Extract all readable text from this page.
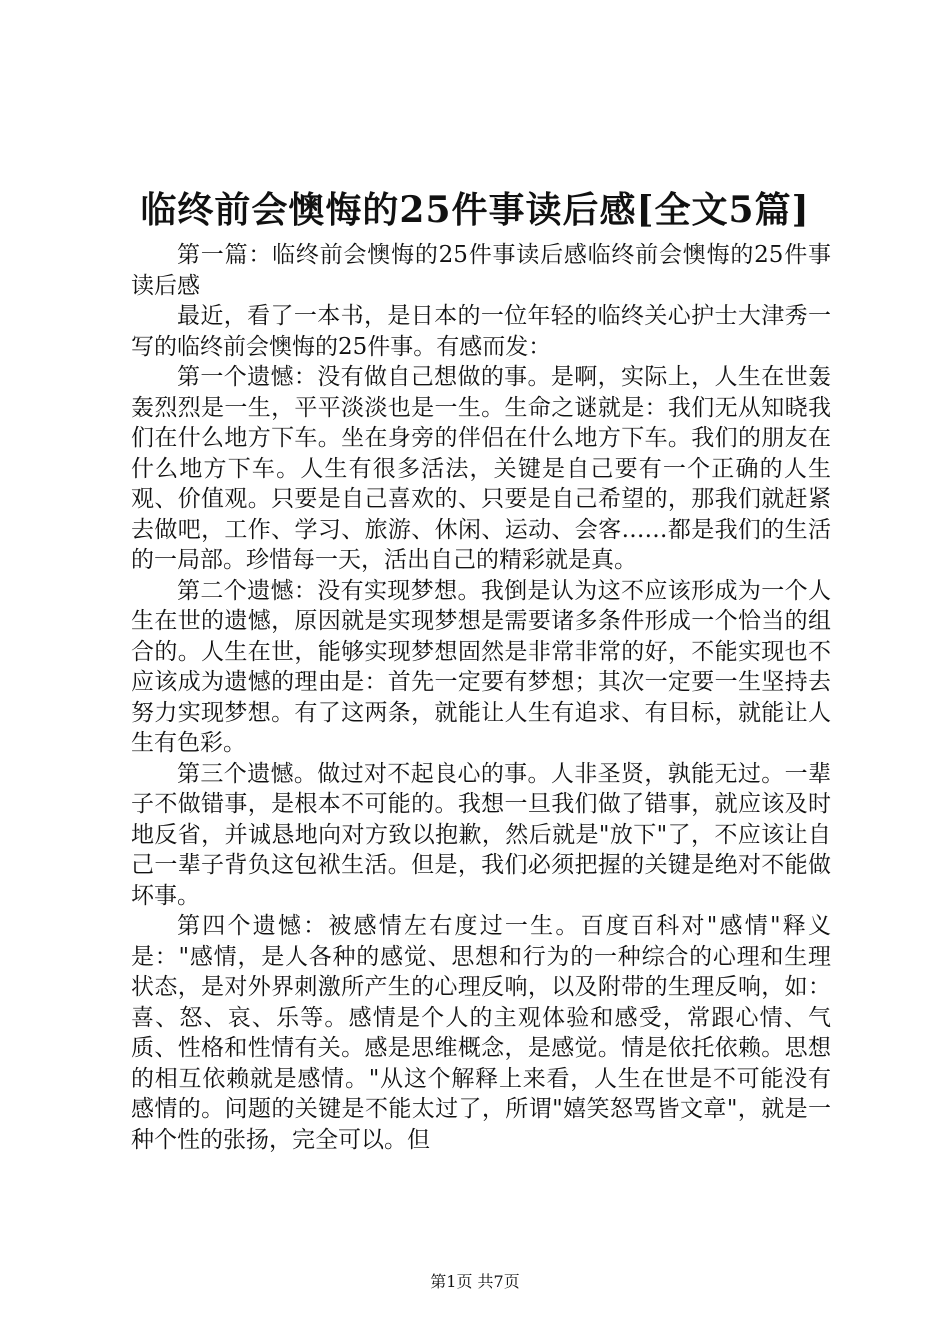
临终前会懊悔的25件事读后感[全文5篇]

第一篇：临终前会懊悔的25件事读后感临终前会懊悔的25件事读后感

最近，看了一本书，是日本的一位年轻的临终关心护士大津秀一写的临终前会懊悔的25件事。有感而发：

第一个遗憾：没有做自己想做的事。是啊，实际上，人生在世轰轰烈烈是一生，平平淡淡也是一生。生命之谜就是：我们无从知晓我们在什么地方下车。坐在身旁的伴侣在什么地方下车。我们的朋友在什么地方下车。人生有很多活法，关键是自己要有一个正确的人生观、价值观。只要是自己喜欢的、只要是自己希望的，那我们就赶紧去做吧，工作、学习、旅游、休闲、运动、会客……都是我们的生活的一局部。珍惜每一天，活出自己的精彩就是真。

第二个遗憾：没有实现梦想。我倒是认为这不应该形成为一个人生在世的遗憾，原因就是实现梦想是需要诸多条件形成一个恰当的组合的。人生在世，能够实现梦想固然是非常非常的好，不能实现也不应该成为遗憾的理由是：首先一定要有梦想；其次一定要一生坚持去努力实现梦想。有了这两条，就能让人生有追求、有目标，就能让人生有色彩。

第三个遗憾。做过对不起良心的事。人非圣贤，孰能无过。一辈子不做错事，是根本不可能的。我想一旦我们做了错事，就应该及时地反省，并诚恳地向对方致以抱歉，然后就是"放下"了，不应该让自己一辈子背负这包袱生活。但是，我们必须把握的关键是绝对不能做坏事。

第四个遗憾：被感情左右度过一生。百度百科对"感情"释义是："感情，是人各种的感觉、思想和行为的一种综合的心理和生理状态，是对外界刺激所产生的心理反响，以及附带的生理反响，如：喜、怒、哀、乐等。感情是个人的主观体验和感受，常跟心情、气质、性格和性情有关。感是思维概念，是感觉。情是依托依赖。思想的相互依赖就是感情。"从这个解释上来看，人生在世是不可能没有感情的。问题的关键是不能太过了，所谓"嬉笑怒骂皆文章"，就是一种个性的张扬，完全可以。但

第1页 共7页
